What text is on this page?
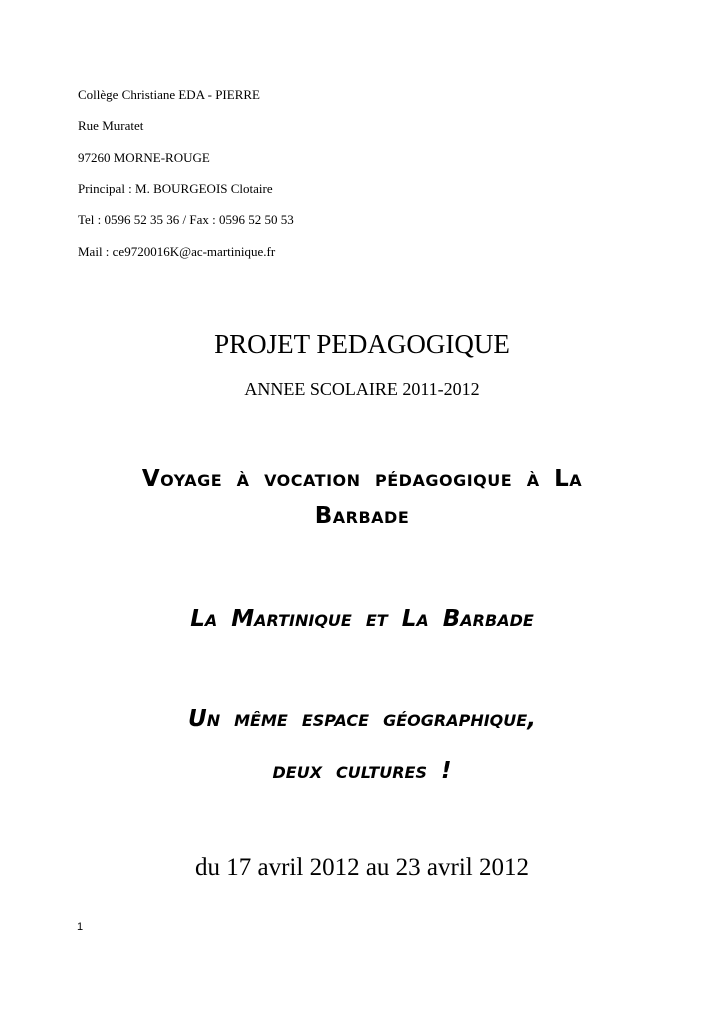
Collège Christiane EDA - PIERRE
Rue Muratet
97260 MORNE-ROUGE
Principal : M. BOURGEOIS Clotaire
Tel : 0596 52 35 36 / Fax : 0596 52 50 53
Mail : ce9720016K@ac-martinique.fr
PROJET PEDAGOGIQUE
ANNEE SCOLAIRE 2011-2012
Voyage à vocation pédagogique à La
Barbade
La Martinique et La Barbade
Un même espace géographique,
deux cultures !
du 17 avril 2012 au 23 avril 2012
1
